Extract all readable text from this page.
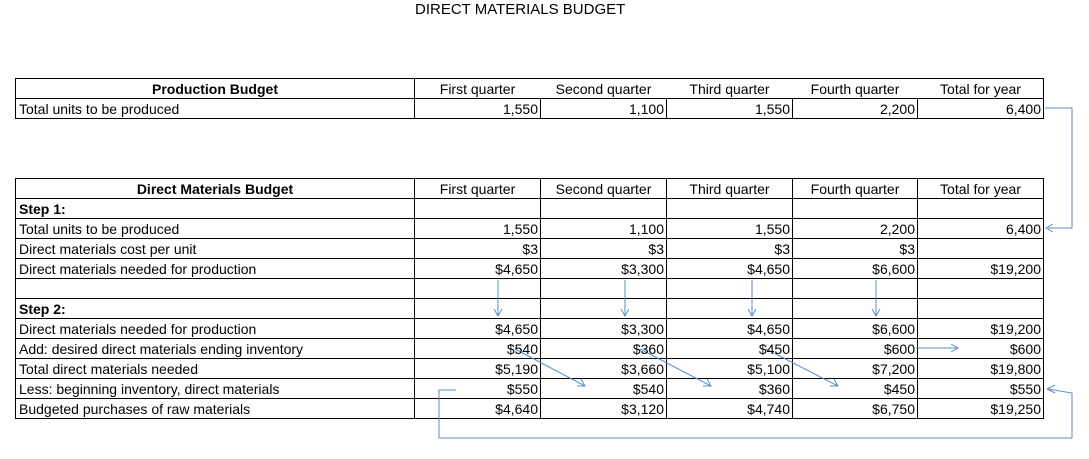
DIRECT MATERIALS BUDGET
Production Budget	First quarter	Second quarter	Third quarter	Fourth quarter	Total for year
Total units to be produced	1,550	1,100	1,550	2,200	6,400
Direct Materials Budget	First quarter	Second quarter	Third quarter	Fourth quarter	Total for year
Step 1:
Total units to be produced	1,550	1,100	1,550	2,200	6,400
Direct materials cost per unit	$3	$3	$3	$3
Direct materials needed for production	$4,650	$3,300	$4,650	$6,600	$19,200
Step 2:
Direct materials needed for production	$4,650	$3,300	$4,650	$6,600	$19,200
Add: desired direct materials ending inventory	$540	$360	$450	$600	$600
Total direct materials needed	$5,190	$3,660	$5,100	$7,200	$19,800
Less: beginning inventory, direct materials	$550	$540	$360	$450	$550
Budgeted purchases of raw materials	$4,640	$3,120	$4,740	$6,750	$19,250
